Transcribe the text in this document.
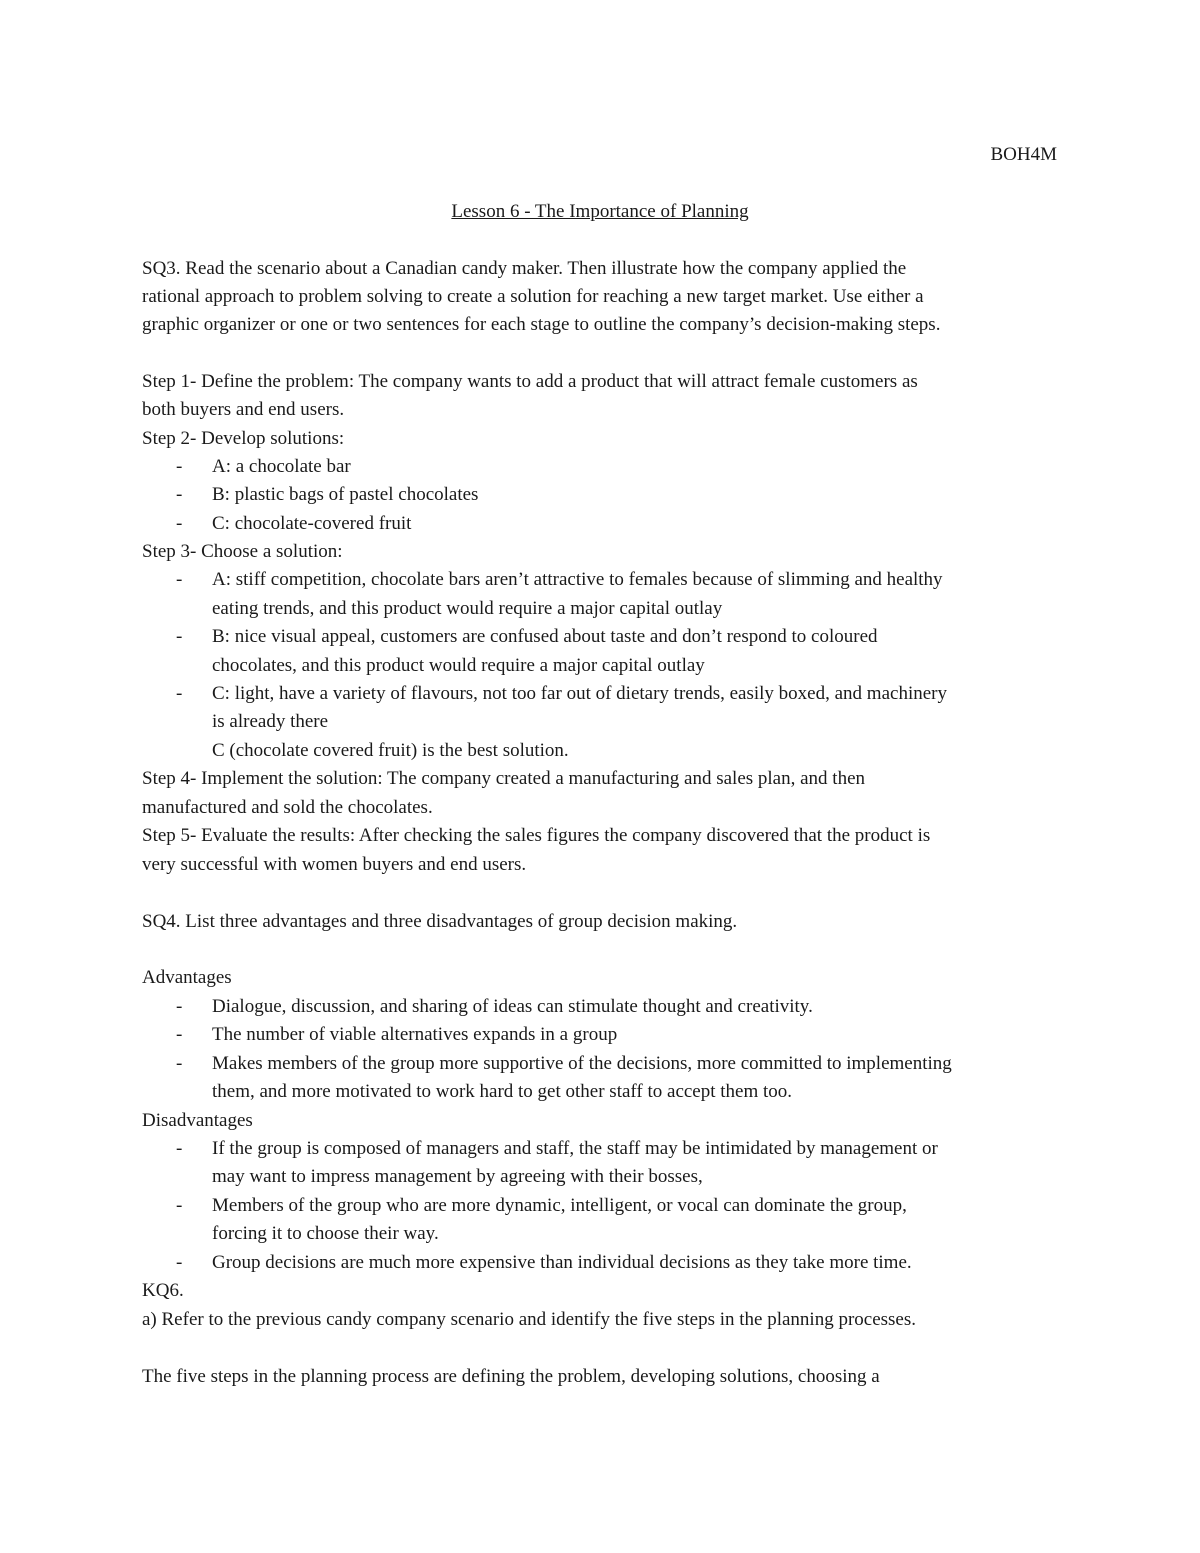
BOH4M
Lesson 6 - The Importance of Planning
SQ3. Read the scenario about a Canadian candy maker. Then illustrate how the company applied the
rational approach to problem solving to create a solution for reaching a new target market. Use either a
graphic organizer or one or two sentences for each stage to outline the company’s decision-making steps.
Step 1- Define the problem: The company wants to add a product that will attract female customers as
both buyers and end users.
Step 2- Develop solutions:
- A: a chocolate bar
- B: plastic bags of pastel chocolates
- C: chocolate-covered fruit
Step 3- Choose a solution:
- A: stiff competition, chocolate bars aren’t attractive to females because of slimming and healthy
eating trends, and this product would require a major capital outlay
- B: nice visual appeal, customers are confused about taste and don’t respond to coloured
chocolates, and this product would require a major capital outlay
- C: light, have a variety of flavours, not too far out of dietary trends, easily boxed, and machinery
is already there
C (chocolate covered fruit) is the best solution.
Step 4- Implement the solution: The company created a manufacturing and sales plan, and then
manufactured and sold the chocolates.
Step 5- Evaluate the results: After checking the sales figures the company discovered that the product is
very successful with women buyers and end users.
SQ4. List three advantages and three disadvantages of group decision making.
Advantages
- Dialogue, discussion, and sharing of ideas can stimulate thought and creativity.
- The number of viable alternatives expands in a group
- Makes members of the group more supportive of the decisions, more committed to implementing
them, and more motivated to work hard to get other staff to accept them too.
Disadvantages
- If the group is composed of managers and staff, the staff may be intimidated by management or
may want to impress management by agreeing with their bosses,
- Members of the group who are more dynamic, intelligent, or vocal can dominate the group,
forcing it to choose their way.
- Group decisions are much more expensive than individual decisions as they take more time.
KQ6.
a) Refer to the previous candy company scenario and identify the five steps in the planning processes.
The five steps in the planning process are defining the problem, developing solutions, choosing a
